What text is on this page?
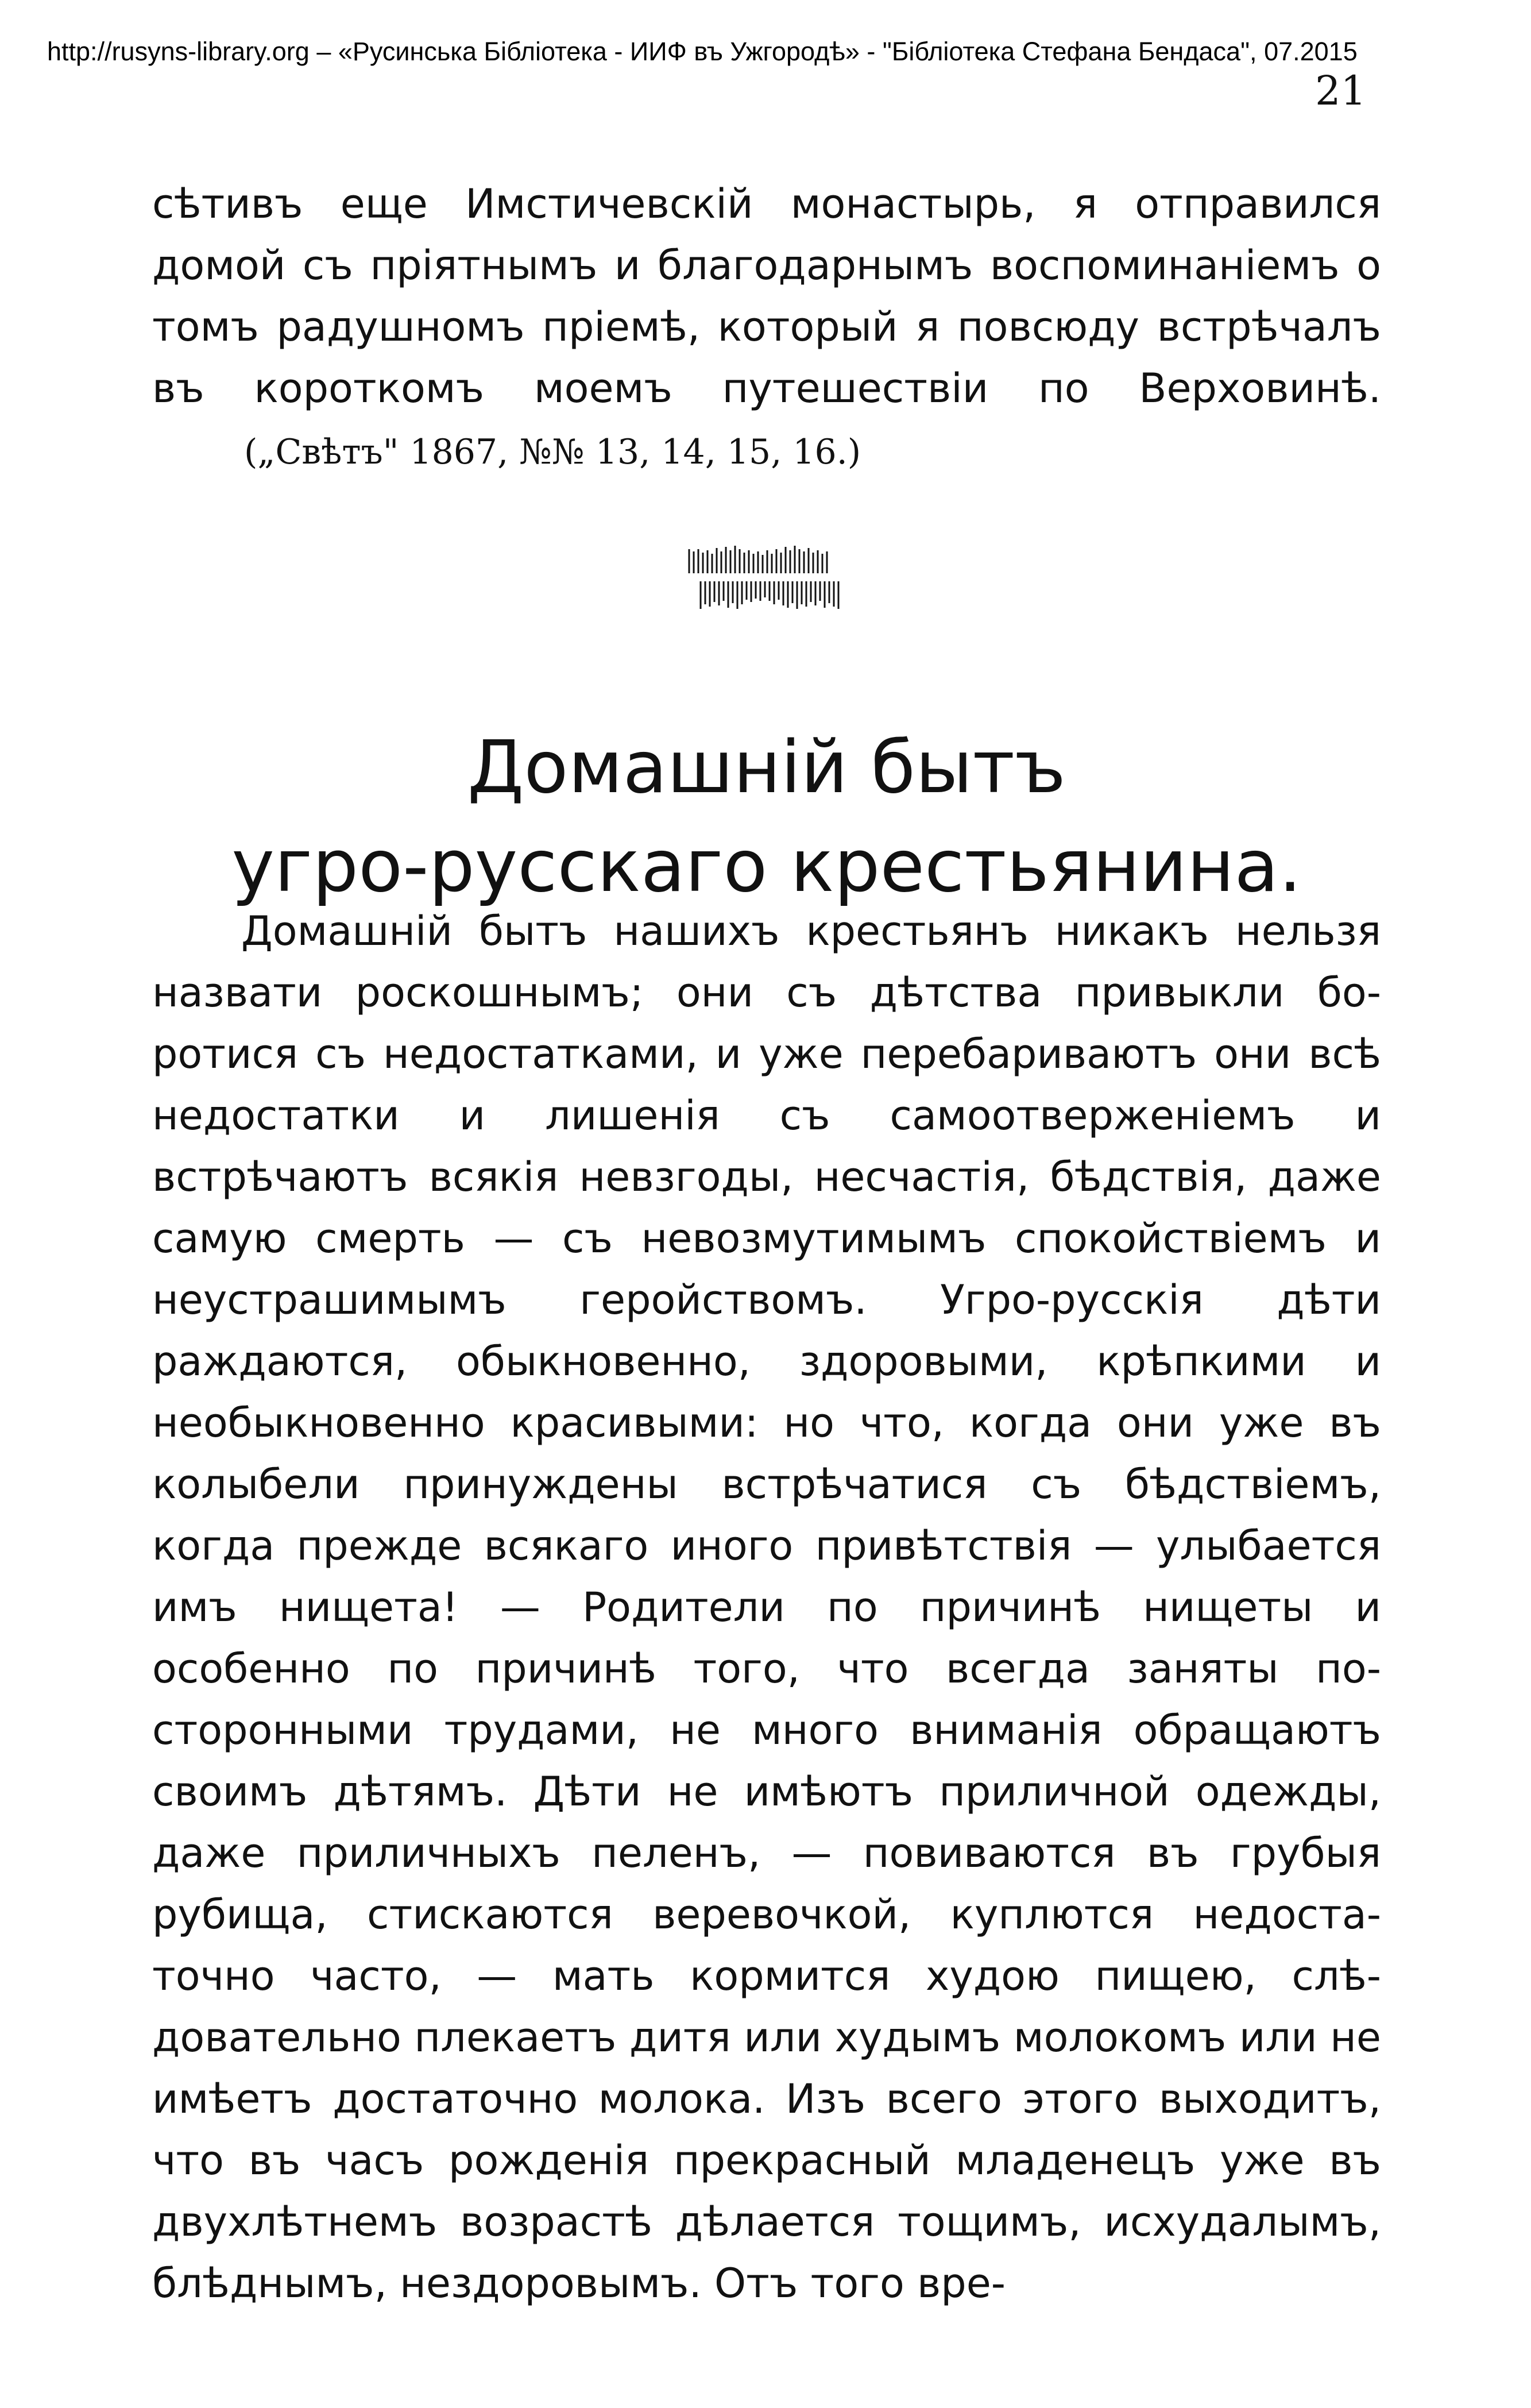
http://rusyns-library.org – «Русинська Бібліотека - ИИФ въ Ужгородѣ» - "Бібліотека Стефана Бендаса", 07.2015
21
сѣтивъ еще Имстичевскій монастырь, я отправился домой съ пріятнымъ и благодарнымъ воспоминаніемъ о томъ радушномъ пріемѣ, который я повсюду встрѣчалъ въ короткомъ моемъ путешествіи по Верховинѣ. („Свѣтъ" 1867, №№ 13, 14, 15, 16.)
Домашній бытъ
угро-русскаго крестьянина.

Домашній бытъ нашихъ крестьянъ никакъ нельзя назвати роскошнымъ; они съ дѣтства привыкли боротися съ недостатками, и уже перебариваютъ они всѣ недостатки и лишенія съ самоотверженіемъ и встрѣчаютъ всякія невзгоды, несчастія, бѣдствія, даже самую смерть — съ невозмутимымъ спокойствіемъ и неустрашимымъ геройствомъ. Угро-русскія дѣти раждаются, обыкновенно, здоровыми, крѣпкими и необыкновенно красивыми: но что, когда они уже въ колыбели принуждены встрѣчатися съ бѣдствіемъ, когда прежде всякаго иного привѣтствія — улыбается имъ нищета! — Родители по причинѣ нищеты и особенно по причинѣ того, что всегда заняты посторонными трудами, не много вниманія обращаютъ своимъ дѣтямъ. Дѣти не имѣютъ приличной одежды, даже приличныхъ пеленъ, — повиваются въ грубыя рубища, стискаются веревочкой, куплются недостаточно часто, — мать кормится худою пищею, слѣдовательно плекаетъ дитя или худымъ молокомъ или не имѣетъ достаточно молока. Изъ всего этого выходитъ, что въ часъ рожденія прекрасный младенецъ уже въ двухлѣтнемъ возрастѣ дѣлается тощимъ, исхудалымъ, блѣднымъ, нездоровымъ. Отъ того вре-
